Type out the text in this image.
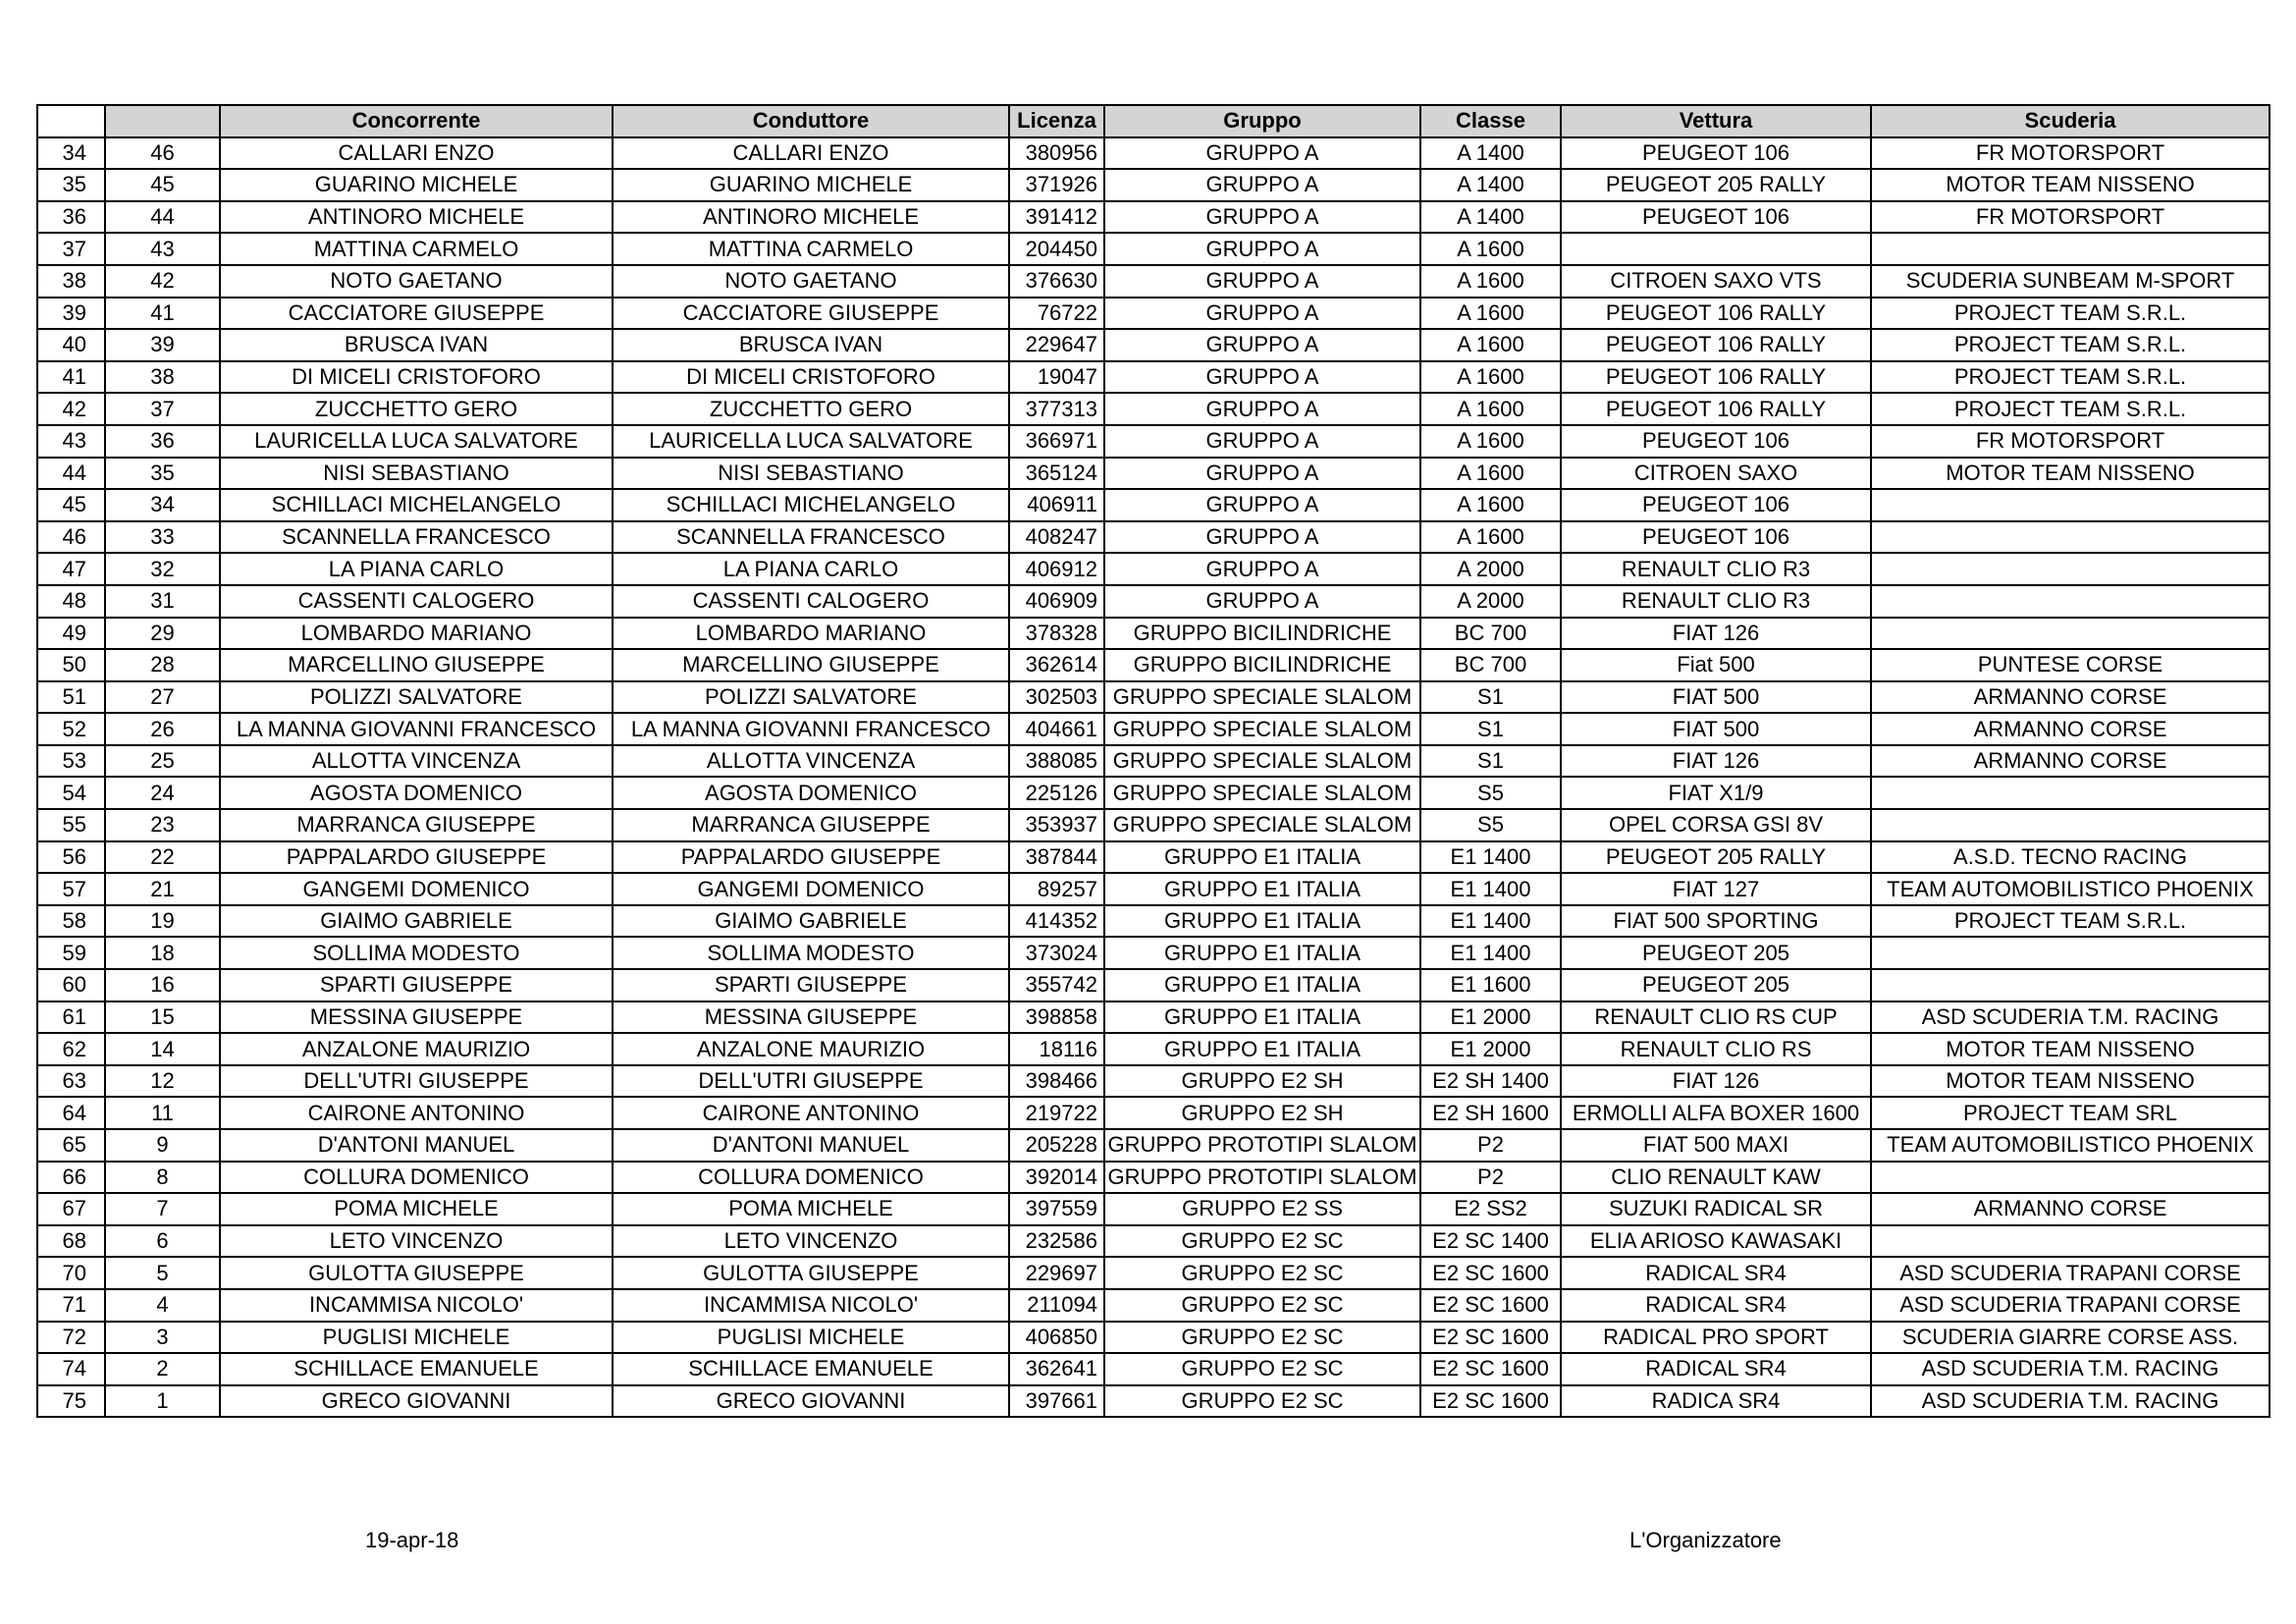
		Concorrente	Conduttore	Licenza	Gruppo	Classe	Vettura	Scuderia
34	46	CALLARI ENZO	CALLARI ENZO	380956	GRUPPO A	A 1400	PEUGEOT 106	FR MOTORSPORT
35	45	GUARINO MICHELE	GUARINO MICHELE	371926	GRUPPO A	A 1400	PEUGEOT 205 RALLY	MOTOR TEAM NISSENO
36	44	ANTINORO MICHELE	ANTINORO MICHELE	391412	GRUPPO A	A 1400	PEUGEOT 106	FR MOTORSPORT
37	43	MATTINA CARMELO	MATTINA CARMELO	204450	GRUPPO A	A 1600		
38	42	NOTO GAETANO	NOTO GAETANO	376630	GRUPPO A	A 1600	CITROEN SAXO VTS	SCUDERIA SUNBEAM M-SPORT
39	41	CACCIATORE GIUSEPPE	CACCIATORE GIUSEPPE	76722	GRUPPO A	A 1600	PEUGEOT 106 RALLY	PROJECT TEAM S.R.L.
40	39	BRUSCA IVAN	BRUSCA IVAN	229647	GRUPPO A	A 1600	PEUGEOT 106 RALLY	PROJECT TEAM S.R.L.
41	38	DI MICELI CRISTOFORO	DI MICELI CRISTOFORO	19047	GRUPPO A	A 1600	PEUGEOT 106 RALLY	PROJECT TEAM S.R.L.
42	37	ZUCCHETTO GERO	ZUCCHETTO GERO	377313	GRUPPO A	A 1600	PEUGEOT 106 RALLY	PROJECT TEAM S.R.L.
43	36	LAURICELLA LUCA SALVATORE	LAURICELLA LUCA SALVATORE	366971	GRUPPO A	A 1600	PEUGEOT 106	FR MOTORSPORT
44	35	NISI SEBASTIANO	NISI SEBASTIANO	365124	GRUPPO A	A 1600	CITROEN SAXO	MOTOR TEAM NISSENO
45	34	SCHILLACI MICHELANGELO	SCHILLACI MICHELANGELO	406911	GRUPPO A	A 1600	PEUGEOT 106	
46	33	SCANNELLA FRANCESCO	SCANNELLA FRANCESCO	408247	GRUPPO A	A 1600	PEUGEOT 106	
47	32	LA PIANA CARLO	LA PIANA CARLO	406912	GRUPPO A	A 2000	RENAULT CLIO R3	
48	31	CASSENTI CALOGERO	CASSENTI CALOGERO	406909	GRUPPO A	A 2000	RENAULT CLIO R3	
49	29	LOMBARDO MARIANO	LOMBARDO MARIANO	378328	GRUPPO BICILINDRICHE	BC 700	FIAT 126	
50	28	MARCELLINO GIUSEPPE	MARCELLINO GIUSEPPE	362614	GRUPPO BICILINDRICHE	BC 700	Fiat 500	PUNTESE CORSE
51	27	POLIZZI SALVATORE	POLIZZI SALVATORE	302503	GRUPPO SPECIALE SLALOM	S1	FIAT 500	ARMANNO CORSE
52	26	LA MANNA GIOVANNI FRANCESCO	LA MANNA GIOVANNI FRANCESCO	404661	GRUPPO SPECIALE SLALOM	S1	FIAT 500	ARMANNO CORSE
53	25	ALLOTTA VINCENZA	ALLOTTA VINCENZA	388085	GRUPPO SPECIALE SLALOM	S1	FIAT 126	ARMANNO CORSE
54	24	AGOSTA DOMENICO	AGOSTA DOMENICO	225126	GRUPPO SPECIALE SLALOM	S5	FIAT X1/9	
55	23	MARRANCA GIUSEPPE	MARRANCA GIUSEPPE	353937	GRUPPO SPECIALE SLALOM	S5	OPEL CORSA GSI 8V	
56	22	PAPPALARDO GIUSEPPE	PAPPALARDO GIUSEPPE	387844	GRUPPO E1 ITALIA	E1 1400	PEUGEOT 205 RALLY	A.S.D. TECNO RACING
57	21	GANGEMI DOMENICO	GANGEMI DOMENICO	89257	GRUPPO E1 ITALIA	E1 1400	FIAT 127	TEAM AUTOMOBILISTICO PHOENIX
58	19	GIAIMO GABRIELE	GIAIMO GABRIELE	414352	GRUPPO E1 ITALIA	E1 1400	FIAT 500 SPORTING	PROJECT TEAM S.R.L.
59	18	SOLLIMA MODESTO	SOLLIMA MODESTO	373024	GRUPPO E1 ITALIA	E1 1400	PEUGEOT 205	
60	16	SPARTI GIUSEPPE	SPARTI GIUSEPPE	355742	GRUPPO E1 ITALIA	E1 1600	PEUGEOT 205	
61	15	MESSINA GIUSEPPE	MESSINA GIUSEPPE	398858	GRUPPO E1 ITALIA	E1 2000	RENAULT CLIO RS CUP	ASD SCUDERIA T.M. RACING
62	14	ANZALONE MAURIZIO	ANZALONE MAURIZIO	18116	GRUPPO E1 ITALIA	E1 2000	RENAULT CLIO RS	MOTOR TEAM NISSENO
63	12	DELL'UTRI GIUSEPPE	DELL'UTRI GIUSEPPE	398466	GRUPPO E2 SH	E2 SH 1400	FIAT 126	MOTOR TEAM NISSENO
64	11	CAIRONE ANTONINO	CAIRONE ANTONINO	219722	GRUPPO E2 SH	E2 SH 1600	ERMOLLI ALFA BOXER 1600	PROJECT TEAM SRL
65	9	D'ANTONI MANUEL	D'ANTONI MANUEL	205228	GRUPPO PROTOTIPI SLALOM	P2	FIAT 500 MAXI	TEAM AUTOMOBILISTICO PHOENIX
66	8	COLLURA DOMENICO	COLLURA DOMENICO	392014	GRUPPO PROTOTIPI SLALOM	P2	CLIO RENAULT KAW	
67	7	POMA MICHELE	POMA MICHELE	397559	GRUPPO E2 SS	E2 SS2	SUZUKI RADICAL SR	ARMANNO CORSE
68	6	LETO VINCENZO	LETO VINCENZO	232586	GRUPPO E2 SC	E2 SC 1400	ELIA ARIOSO KAWASAKI	
70	5	GULOTTA GIUSEPPE	GULOTTA GIUSEPPE	229697	GRUPPO E2 SC	E2 SC 1600	RADICAL SR4	ASD SCUDERIA TRAPANI CORSE
71	4	INCAMMISA NICOLO'	INCAMMISA NICOLO'	211094	GRUPPO E2 SC	E2 SC 1600	RADICAL SR4	ASD SCUDERIA TRAPANI CORSE
72	3	PUGLISI MICHELE	PUGLISI MICHELE	406850	GRUPPO E2 SC	E2 SC 1600	RADICAL PRO SPORT	SCUDERIA GIARRE CORSE ASS.
74	2	SCHILLACE EMANUELE	SCHILLACE EMANUELE	362641	GRUPPO E2 SC	E2 SC 1600	RADICAL SR4	ASD SCUDERIA T.M. RACING
75	1	GRECO GIOVANNI	GRECO GIOVANNI	397661	GRUPPO E2 SC	E2 SC 1600	RADICA SR4	ASD SCUDERIA T.M. RACING
19-apr-18	L'Organizzatore
